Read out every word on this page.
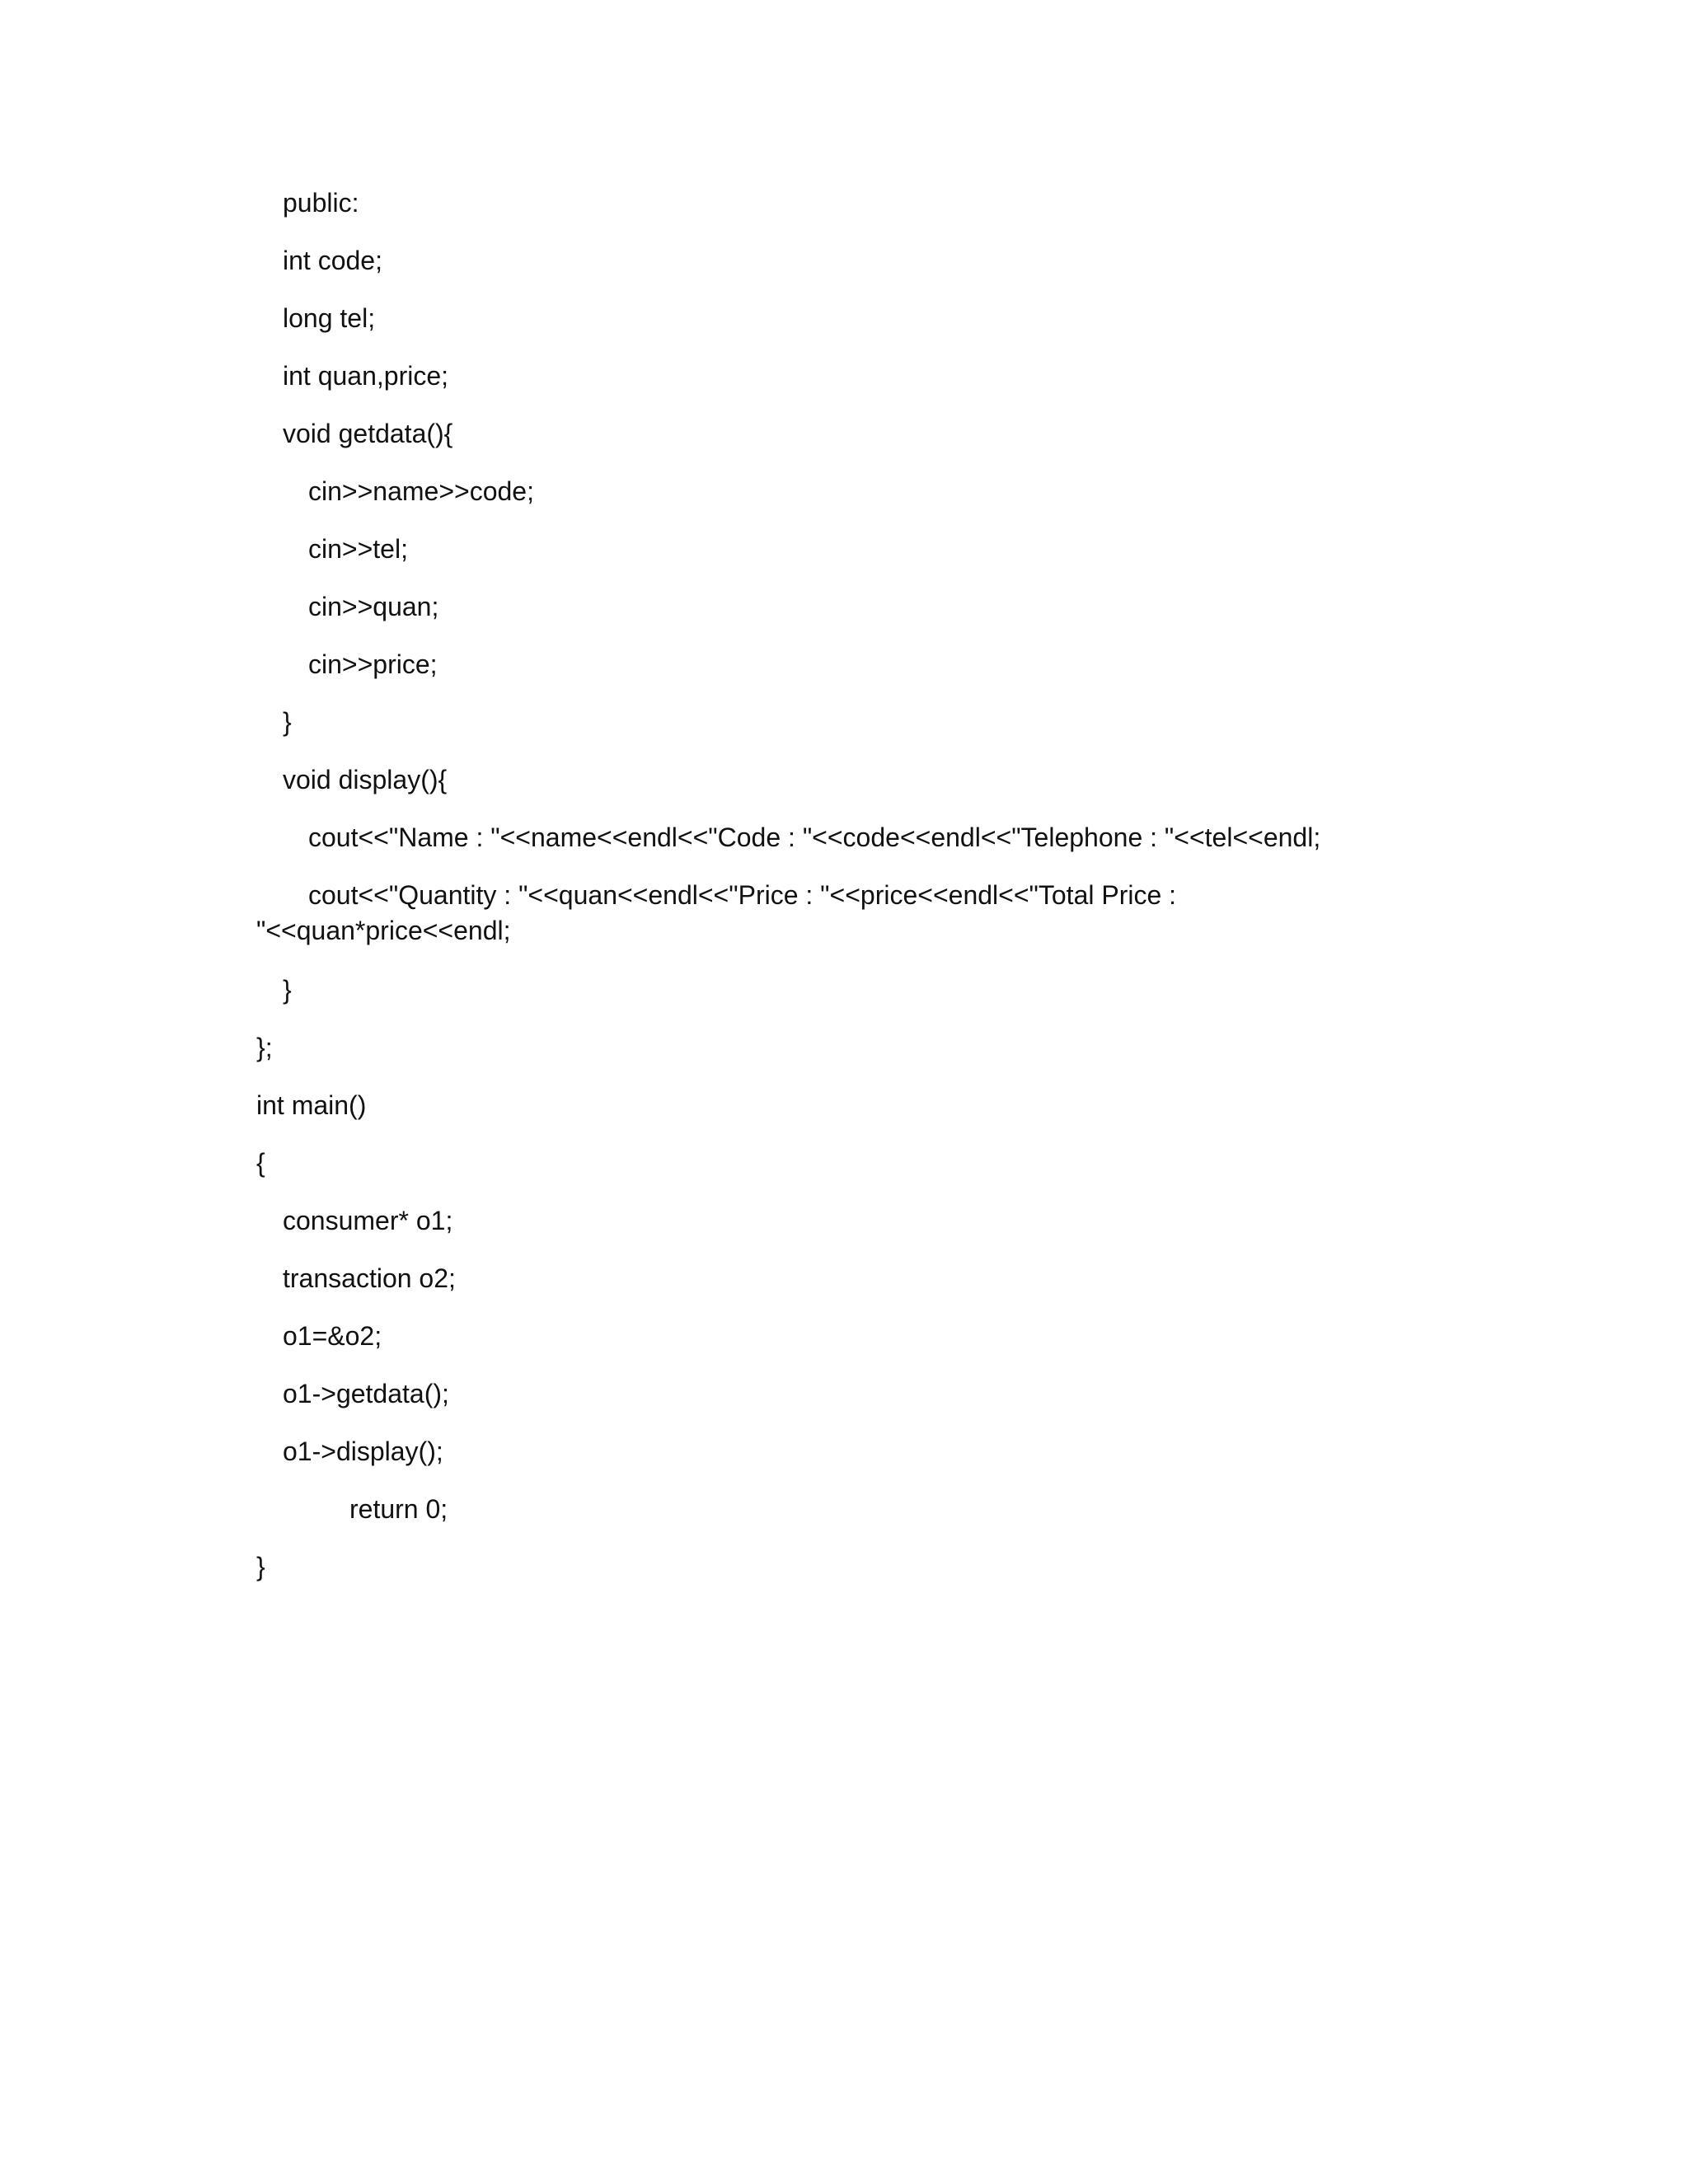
public:
int code;
long tel;
int quan,price;
void getdata(){
cin>>name>>code;
cin>>tel;
cin>>quan;
cin>>price;
}
void display(){
cout<<"Name : "<<name<<endl<<"Code : "<<code<<endl<<"Telephone : "<<tel<<endl;
cout<<"Quantity : "<<quan<<endl<<"Price : "<<price<<endl<<"Total Price :
"<<quan*price<<endl;
}
};
int main()
{
consumer* o1;
transaction o2;
o1=&o2;
o1->getdata();
o1->display();
return 0;
}
